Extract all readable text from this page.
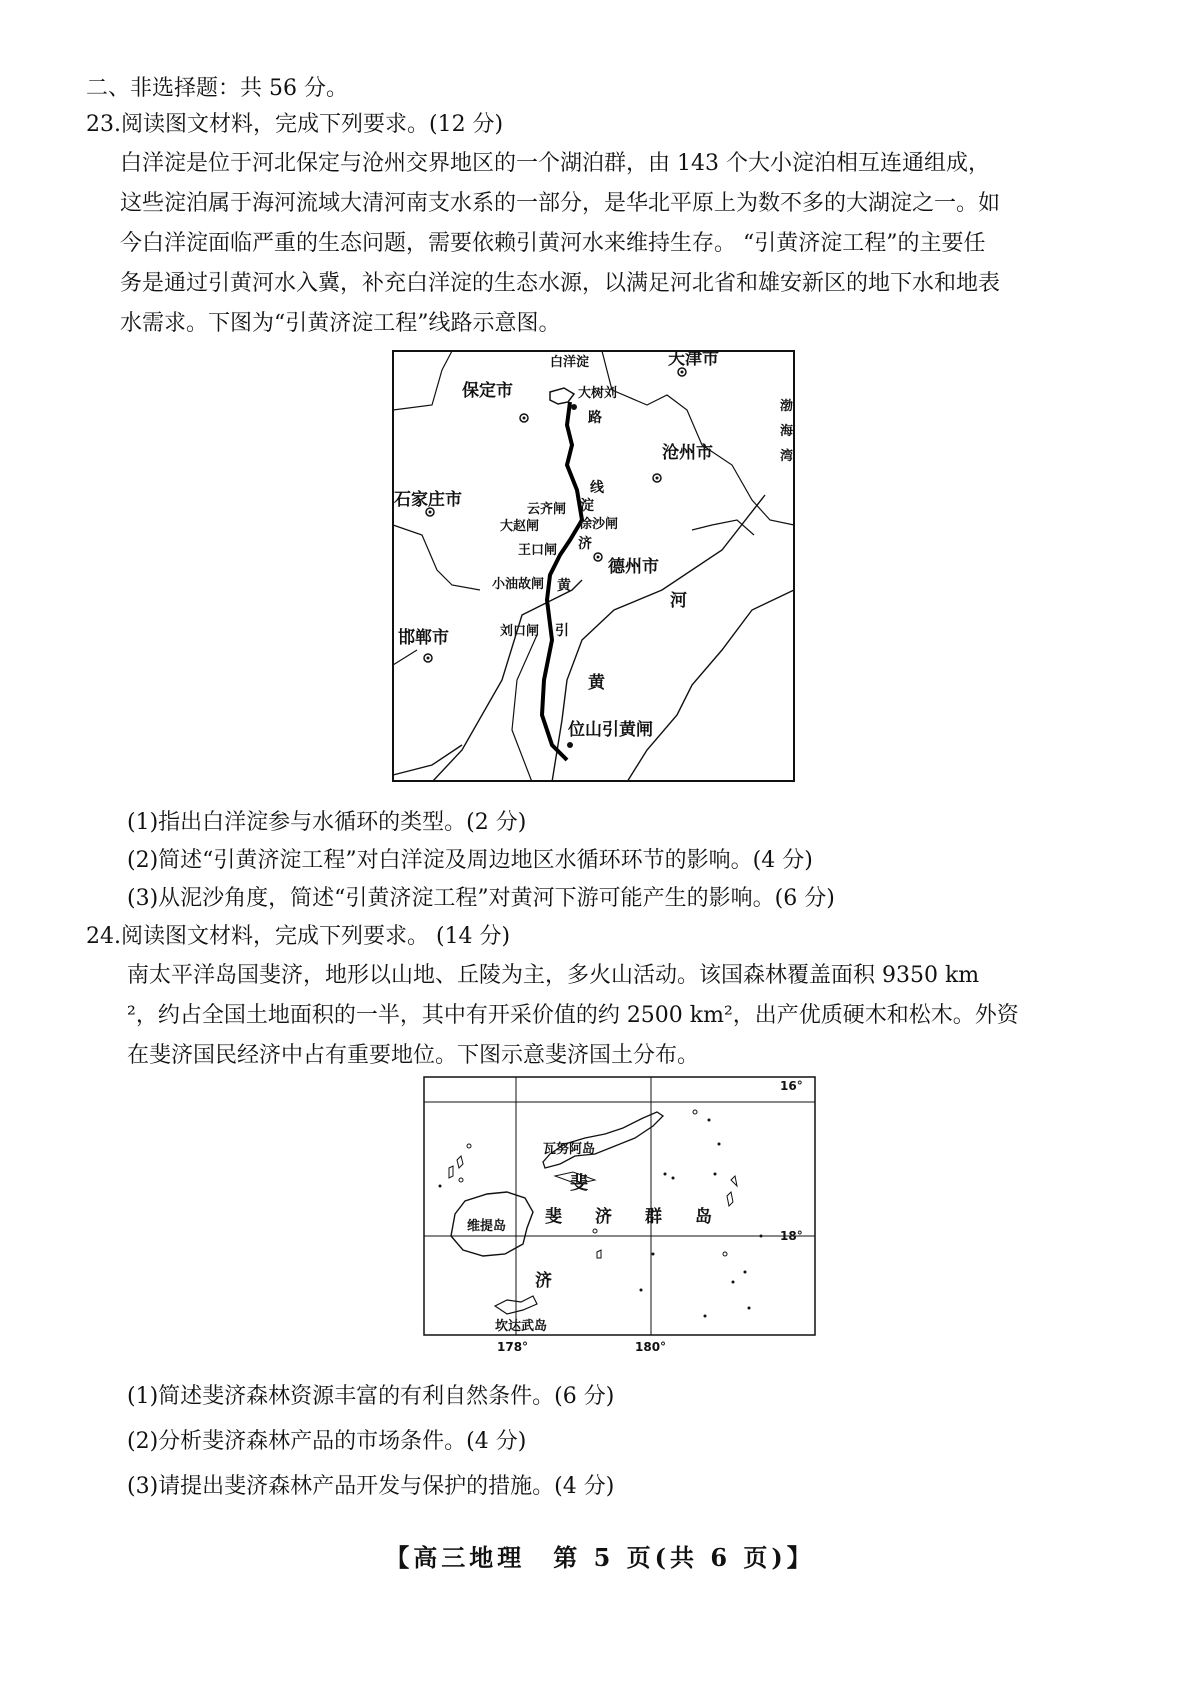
二、非选择题：共 56 分。
23.阅读图文材料，完成下列要求。(12 分)
白洋淀是位于河北保定与沧州交界地区的一个湖泊群，由 143 个大小淀泊相互连通组成，
这些淀泊属于海河流域大清河南支水系的一部分，是华北平原上为数不多的大湖淀之一。如
今白洋淀面临严重的生态问题，需要依赖引黄河水来维持生存。 “引黄济淀工程”的主要任
务是通过引黄河水入冀，补充白洋淀的生态水源，以满足河北省和雄安新区的地下水和地表
水需求。下图为“引黄济淀工程”线路示意图。
天津市
白洋淀
保定市	大树刘
渤
海
湾
路
沧州市
线
石家庄市	云齐闸 淀
徐沙闸
大赵闸
济
王口闸
德州市
小油故闸 黄
河
刘口闸 引
邯郸市
黄
位山引黄闸
(1)指出白洋淀参与水循环的类型。(2 分)
(2)简述“引黄济淀工程”对白洋淀及周边地区水循环环节的影响。(4 分)
(3)从泥沙角度，简述“引黄济淀工程”对黄河下游可能产生的影响。(6 分)
24.阅读图文材料，完成下列要求。 (14 分)
南太平洋岛国斐济，地形以山地、丘陵为主，多火山活动。该国森林覆盖面积 9350 km
²，约占全国土地面积的一半，其中有开采价值的约 2500 km²，出产优质硬木和松木。外资
在斐济国民经济中占有重要地位。下图示意斐济国土分布。
16°
18°
178°	180°
瓦努阿岛
斐
斐 济 群 岛
维提岛
济
坎达武岛
(1)简述斐济森林资源丰富的有利自然条件。(6 分)
(2)分析斐济森林产品的市场条件。(4 分)
(3)请提出斐济森林产品开发与保护的措施。(4 分)
【高三地理　第 5 页(共 6 页)】
